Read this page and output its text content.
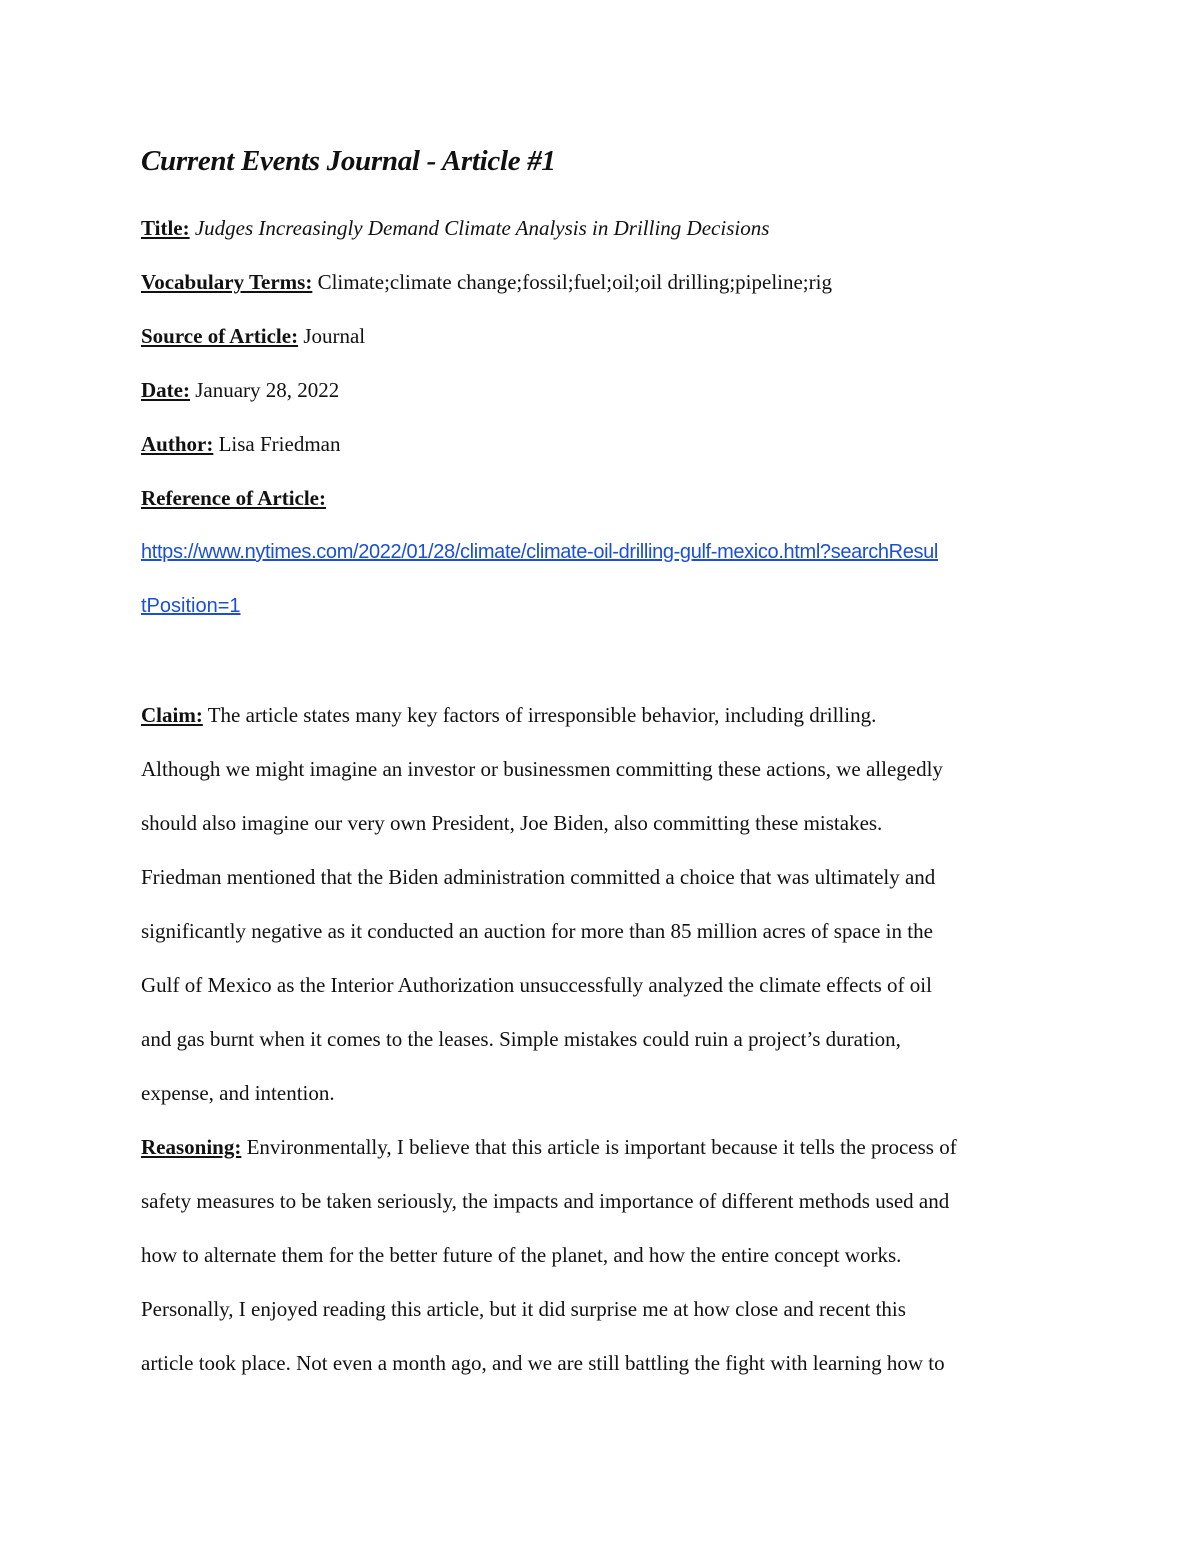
Current Events Journal - Article #1
Title: Judges Increasingly Demand Climate Analysis in Drilling Decisions
Vocabulary Terms: Climate;climate change;fossil;fuel;oil;oil drilling;pipeline;rig
Source of Article: Journal
Date: January 28, 2022
Author: Lisa Friedman
Reference of Article:
https://www.nytimes.com/2022/01/28/climate/climate-oil-drilling-gulf-mexico.html?searchResul
tPosition=1
Claim: The article states many key factors of irresponsible behavior, including drilling.
Although we might imagine an investor or businessmen committing these actions, we allegedly
should also imagine our very own President, Joe Biden, also committing these mistakes.
Friedman mentioned that the Biden administration committed a choice that was ultimately and
significantly negative as it conducted an auction for more than 85 million acres of space in the
Gulf of Mexico as the Interior Authorization unsuccessfully analyzed the climate effects of oil
and gas burnt when it comes to the leases. Simple mistakes could ruin a project’s duration,
expense, and intention.
Reasoning: Environmentally, I believe that this article is important because it tells the process of
safety measures to be taken seriously, the impacts and importance of different methods used and
how to alternate them for the better future of the planet, and how the entire concept works.
Personally, I enjoyed reading this article, but it did surprise me at how close and recent this
article took place. Not even a month ago, and we are still battling the fight with learning how to
